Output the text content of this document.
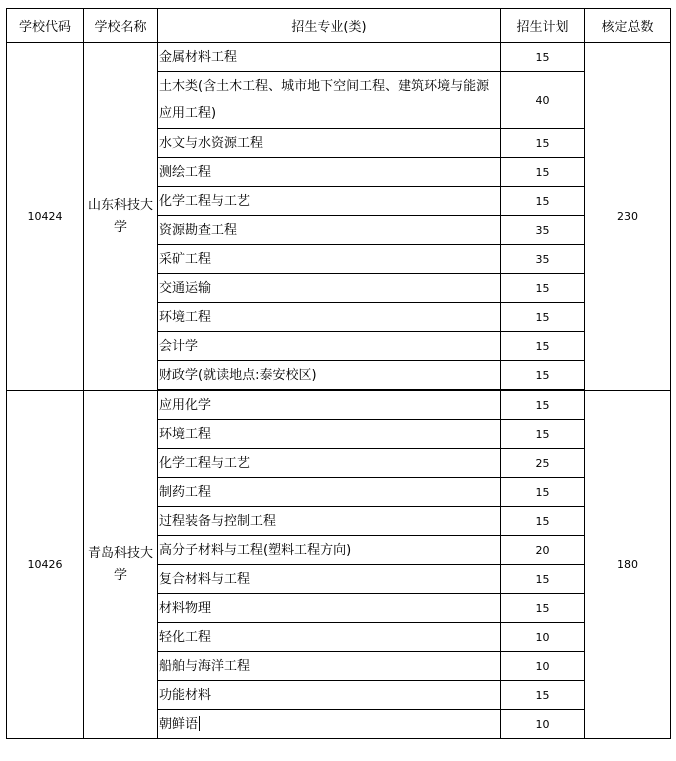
学校代码	学校名称	招生专业(类)	招生计划	核定总数
10424	山东科技大学	金属材料工程	15	230
		土木类(含土木工程、城市地下空间工程、建筑环境与能源应用工程)	40	
		水文与水资源工程	15	
		测绘工程	15	
		化学工程与工艺	15	
		资源勘查工程	35	
		采矿工程	35	
		交通运输	15	
		环境工程	15	
		会计学	15	
		财政学(就读地点:泰安校区)	15	

10426	青岛科技大学	应用化学	15	180
		环境工程	15	
		化学工程与工艺	25	
		制药工程	15	
		过程装备与控制工程	15	
		高分子材料与工程(塑料工程方向)	20	
		复合材料与工程	15	
		材料物理	15	
		轻化工程	10	
		船舶与海洋工程	10	
		功能材料	15	
		朝鲜语	10	
